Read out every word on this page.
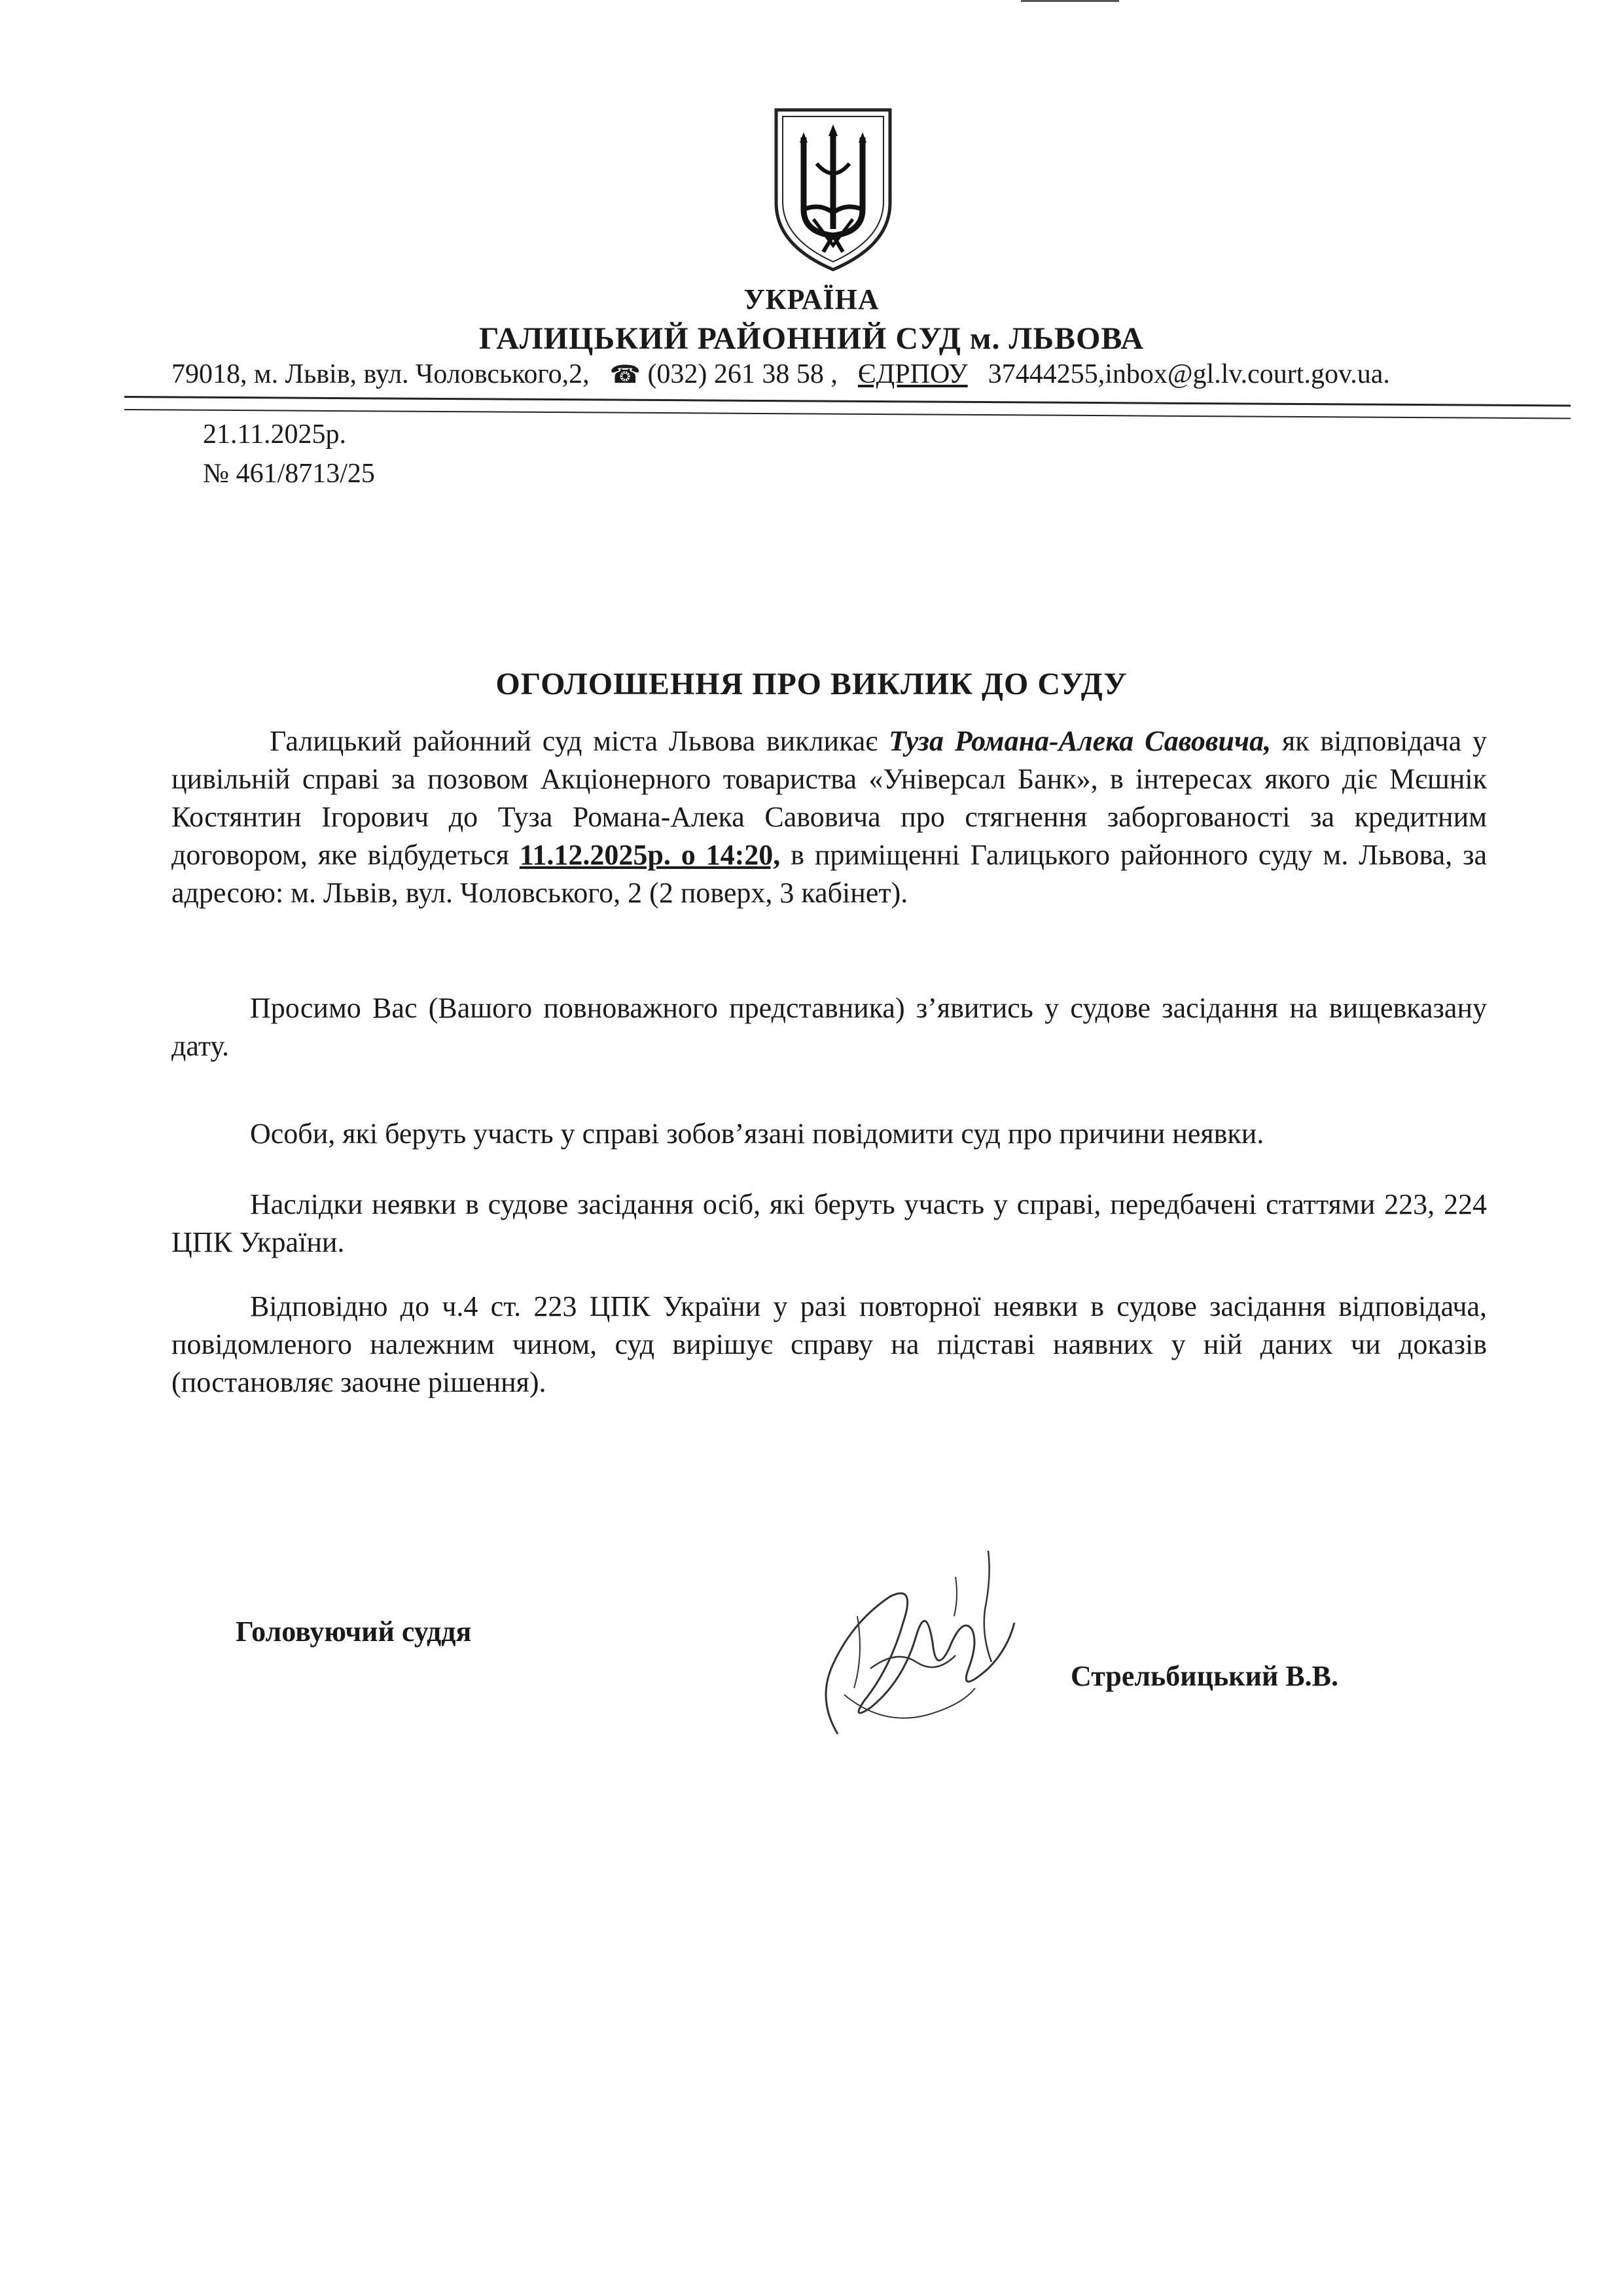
УКРАЇНА
ГАЛИЦЬКИЙ РАЙОННИЙ СУД м. ЛЬВОВА
79018, м. Львів, вул. Чоловського,2, ☎ (032) 261 38 58 , ЄДРПОУ 37444255,inbox@gl.lv.court.gov.ua.
21.11.2025р.
№ 461/8713/25
ОГОЛОШЕННЯ ПРО ВИКЛИК ДО СУДУ
Галицький районний суд міста Львова викликає Туза Романа-Алека Савовича, як відповідача у цивільній справі за позовом Акціонерного товариства «Універсал Банк», в інтересах якого діє Мєшнік Костянтин Ігорович до Туза Романа-Алека Савовича про стягнення заборгованості за кредитним договором, яке відбудеться 11.12.2025р. о 14:20, в приміщенні Галицького районного суду м. Львова, за адресою: м. Львів, вул. Чоловського, 2 (2 поверх, 3 кабінет).
Просимо Вас (Вашого повноважного представника) з’явитись у судове засідання на вищевказану дату.
Особи, які беруть участь у справі зобов’язані повідомити суд про причини неявки.
Наслідки неявки в судове засідання осіб, які беруть участь у справі, передбачені статтями 223, 224 ЦПК України.
Відповідно до ч.4 ст. 223 ЦПК України у разі повторної неявки в судове засідання відповідача, повідомленого належним чином, суд вирішує справу на підставі наявних у ній даних чи доказів (постановляє заочне рішення).
Головуючий суддя
Стрельбицький В.В.
